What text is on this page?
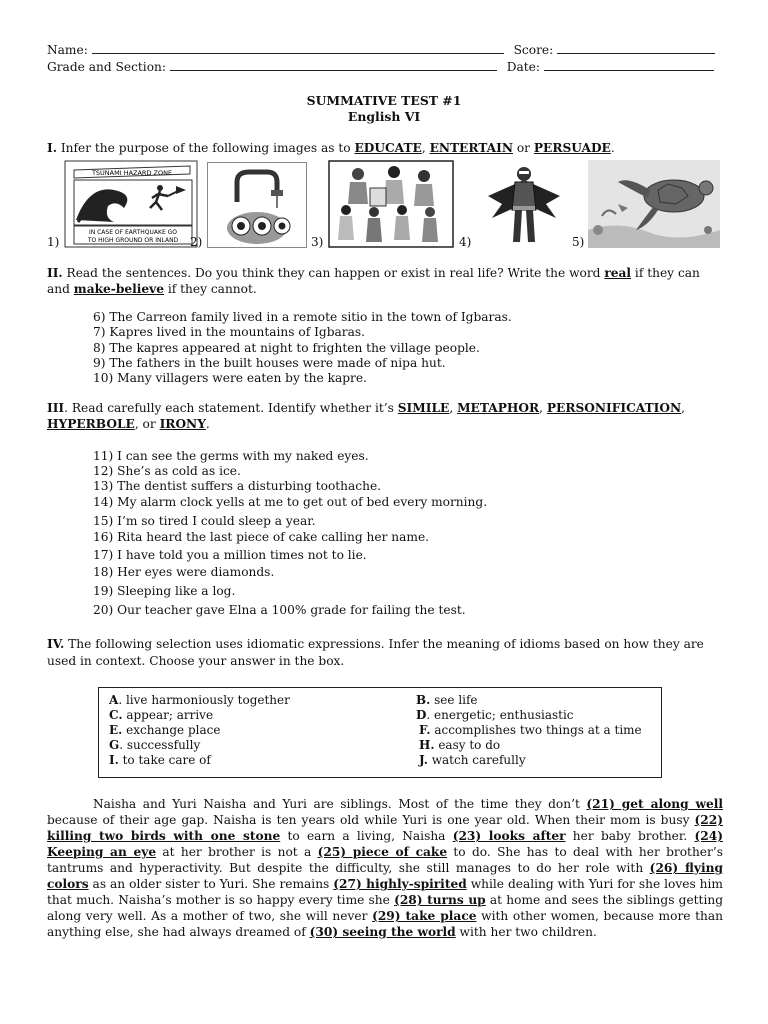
Name:	Score:
Grade and Section:	Date:
SUMMATIVE TEST #1
English VI
I. Infer the purpose of the following images as to EDUCATE, ENTERTAIN or PERSUADE.
1)
TSUNAMI HAZARD ZONE
IN CASE OF EARTHQUAKE GO
TO HIGH GROUND OR INLAND 2)	3)	4)	5)
II. Read the sentences. Do you think they can happen or exist in real life? Write the word real if they can and make-believe if they cannot.
6) The Carreon family lived in a remote sitio in the town of Igbaras.
7) Kapres lived in the mountains of Igbaras.
8) The kapres appeared at night to frighten the village people.
9) The fathers in the built houses were made of nipa hut.
10) Many villagers were eaten by the kapre.
III. Read carefully each statement. Identify whether it’s SIMILE, METAPHOR, PERSONIFICATION, HYPERBOLE, or IRONY.
11) I can see the germs with my naked eyes.
12) She’s as cold as ice.
13) The dentist suffers a disturbing toothache.
14) My alarm clock yells at me to get out of bed every morning.
15) I’m so tired I could sleep a year.
16) Rita heard the last piece of cake calling her name.
17) I have told you a million times not to lie.
18) Her eyes were diamonds.
19) Sleeping like a log.
20) Our teacher gave Elna a 100% grade for failing the test.
IV. The following selection uses idiomatic expressions. Infer the meaning of idioms based on how they are used in context. Choose your answer in the box.
A. live harmoniously together	B. see life
C. appear; arrive	D. energetic; enthusiastic
E. exchange place	F. accomplishes two things at a time
G. successfully	H. easy to do
I. to take care of	J. watch carefully
Naisha and Yuri Naisha and Yuri are siblings. Most of the time they don’t (21) get along well because of their age gap. Naisha is ten years old while Yuri is one year old. When their mom is busy (22) killing two birds with one stone to earn a living, Naisha (23) looks after her baby brother. (24) Keeping an eye at her brother is not a (25) piece of cake to do. She has to deal with her brother’s tantrums and hyperactivity. But despite the difficulty, she still manages to do her role with (26) flying colors as an older sister to Yuri. She remains (27) highly-spirited while dealing with Yuri for she loves him that much. Naisha’s mother is so happy every time she (28) turns up at home and sees the siblings getting along very well. As a mother of two, she will never (29) take place with other women, because more than anything else, she had always dreamed of (30) seeing the world with her two children.
